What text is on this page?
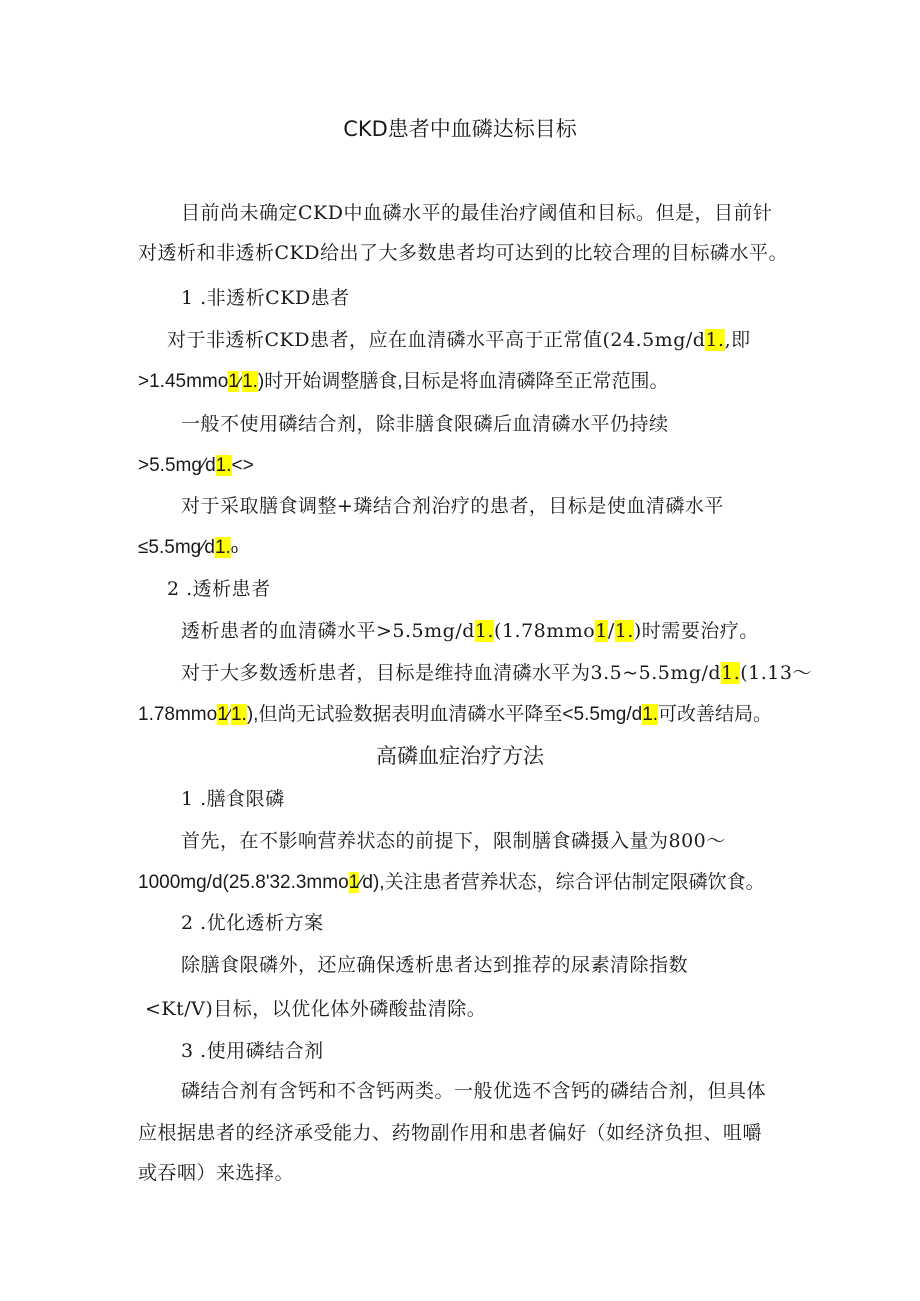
CKD患者中血磷达标目标
目前尚未确定CKD中血磷水平的最佳治疗阈值和目标。但是，目前针
对透析和非透析CKD给出了大多数患者均可达到的比较合理的目标磷水平。
1 .非透析CKD患者
对于非透析CKD患者，应在血清磷水平高于正常值(24.5mg∕d1.,即
>1.45mmo1∕1.)时开始调整膳食,目标是将血清磷降至正常范围。
一般不使用磷结合剂，除非膳食限磷后血清磷水平仍持续
>5.5mg∕d1.<>
对于采取膳食调整+璘结合剂治疗的患者，目标是使血清磷水平
≤5.5mg∕d1.o
2 .透析患者
透析患者的血清磷水平>5.5mg/d1.(1.78mmo1∕1.)时需要治疗。
对于大多数透析患者，目标是维持血清磷水平为3.5~5.5mg/d1.(1.13～
1.78mmo1∕1.),但尚无试验数据表明血清磷水平降至<5.5mg/d1.可改善结局。
高磷血症治疗方法
1 .膳食限磷
首先，在不影响营养状态的前提下，限制膳食磷摄入量为800～
1000mg/d(25.8'32.3mmo1∕d),关注患者营养状态，综合评估制定限磷饮食。
2 .优化透析方案
除膳食限磷外，还应确保透析患者达到推荐的尿素清除指数
<Kt∕V)目标，以优化体外磷酸盐清除。
3 .使用磷结合剂
磷结合剂有含钙和不含钙两类。一般优选不含钙的磷结合剂，但具体
应根据患者的经济承受能力、药物副作用和患者偏好（如经济负担、咀嚼
或吞咽）来选择。
